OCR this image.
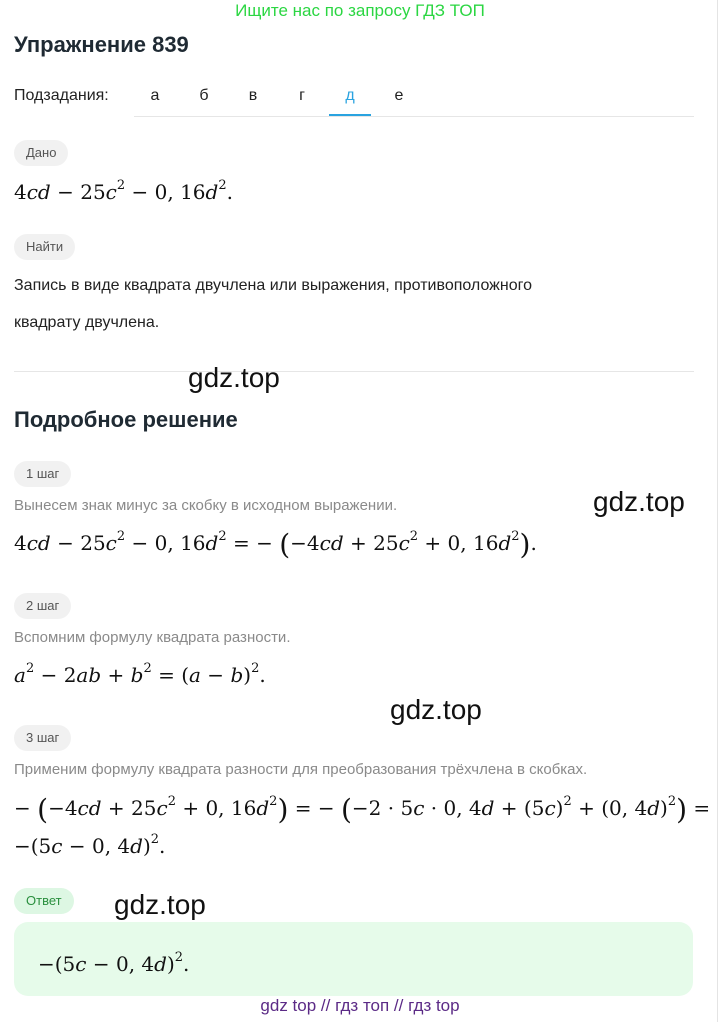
Ищите нас по запросу ГДЗ ТОП
Упражнение 839
Подзадания:	а	б	в	г	д	е
Дано
$4cd - 25c^2 - 0$, $16d^2$.
Найти
Запись в виде квадрата двучлена или выражения, противоположного
квадрату двучлена.
gdz.top
Подробное решение
1 шаг
Вынесем знак минус за скобку в исходном выражении.	gdz.top
$4cd - 25c^2 - 0$, $16d^2$ = − ($-4cd + 25c^2 + 0$, $16d^2$).
2 шаг
Вспомним формулу квадрата разности.
$a^2 - 2ab + b^2 = (a - b)^2$.
gdz.top
3 шаг
Применим формулу квадрата разности для преобразования трёхчлена в скобках.
− ($-4cd + 25c^2 + 0$, $16d^2$) = − (−2 · 5c · 0, $4d + (5c)^2 + (0$, 4d)$^2$) =
−(5c − 0, 4d)$^2$.
Ответ	gdz.top
−(5c − 0, 4d)$^2$.
gdz top // гдз топ // гдз top
